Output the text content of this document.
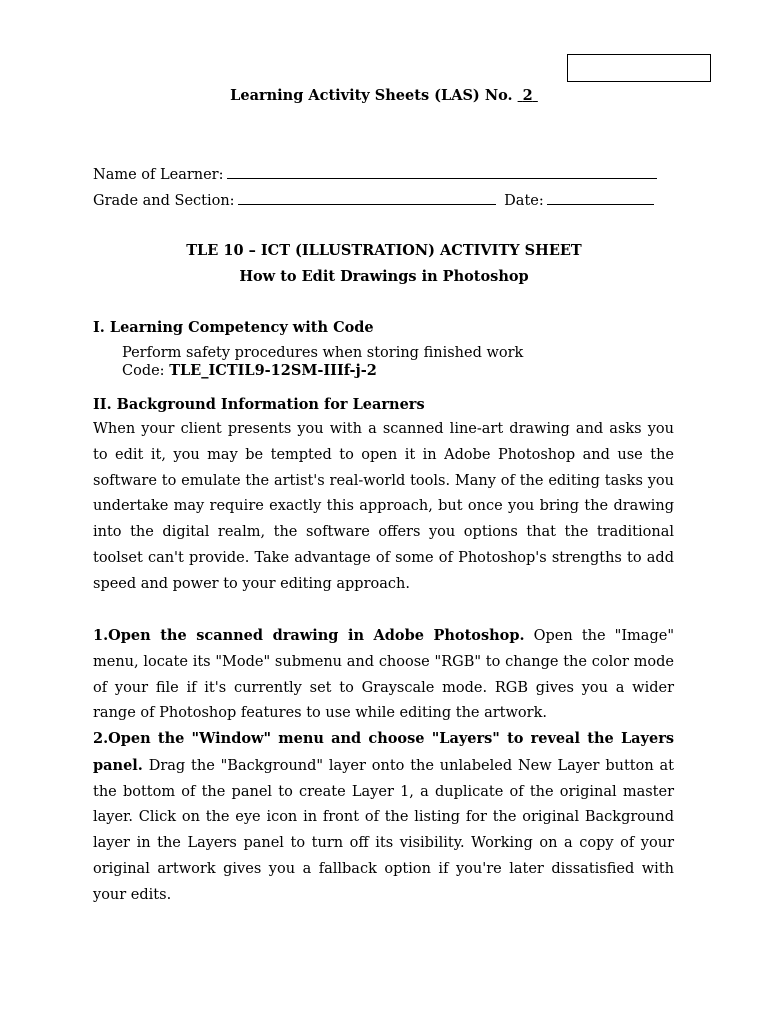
Learning Activity Sheets (LAS) No.  2
Name of Learner:
Grade and Section:	Date:
TLE 10 – ICT (ILLUSTRATION) ACTIVITY SHEET
How to Edit Drawings in Photoshop
I. Learning Competency with Code
Perform safety procedures when storing finished work
Code: TLE_ICTIL9-12SM-IIIf-j-2
II. Background Information for Learners
When your client presents you with a scanned line-art drawing and asks you to edit it, you may be tempted to open it in Adobe Photoshop and use the software to emulate the artist's real-world tools. Many of the editing tasks you undertake may require exactly this approach, but once you bring the drawing into the digital realm, the software offers you options that the traditional toolset can't provide. Take advantage of some of Photoshop's strengths to add speed and power to your editing approach.
1.Open the scanned drawing in Adobe Photoshop. Open the "Image" menu, locate its "Mode" submenu and choose "RGB" to change the color mode of your file if it's currently set to Grayscale mode. RGB gives you a wider range of Photoshop features to use while editing the artwork.
2.Open the "Window" menu and choose "Layers" to reveal the Layers panel. Drag the "Background" layer onto the unlabeled New Layer button at the bottom of the panel to create Layer 1, a duplicate of the original master layer. Click on the eye icon in front of the listing for the original Background layer in the Layers panel to turn off its visibility. Working on a copy of your original artwork gives you a fallback option if you're later dissatisfied with your edits.
